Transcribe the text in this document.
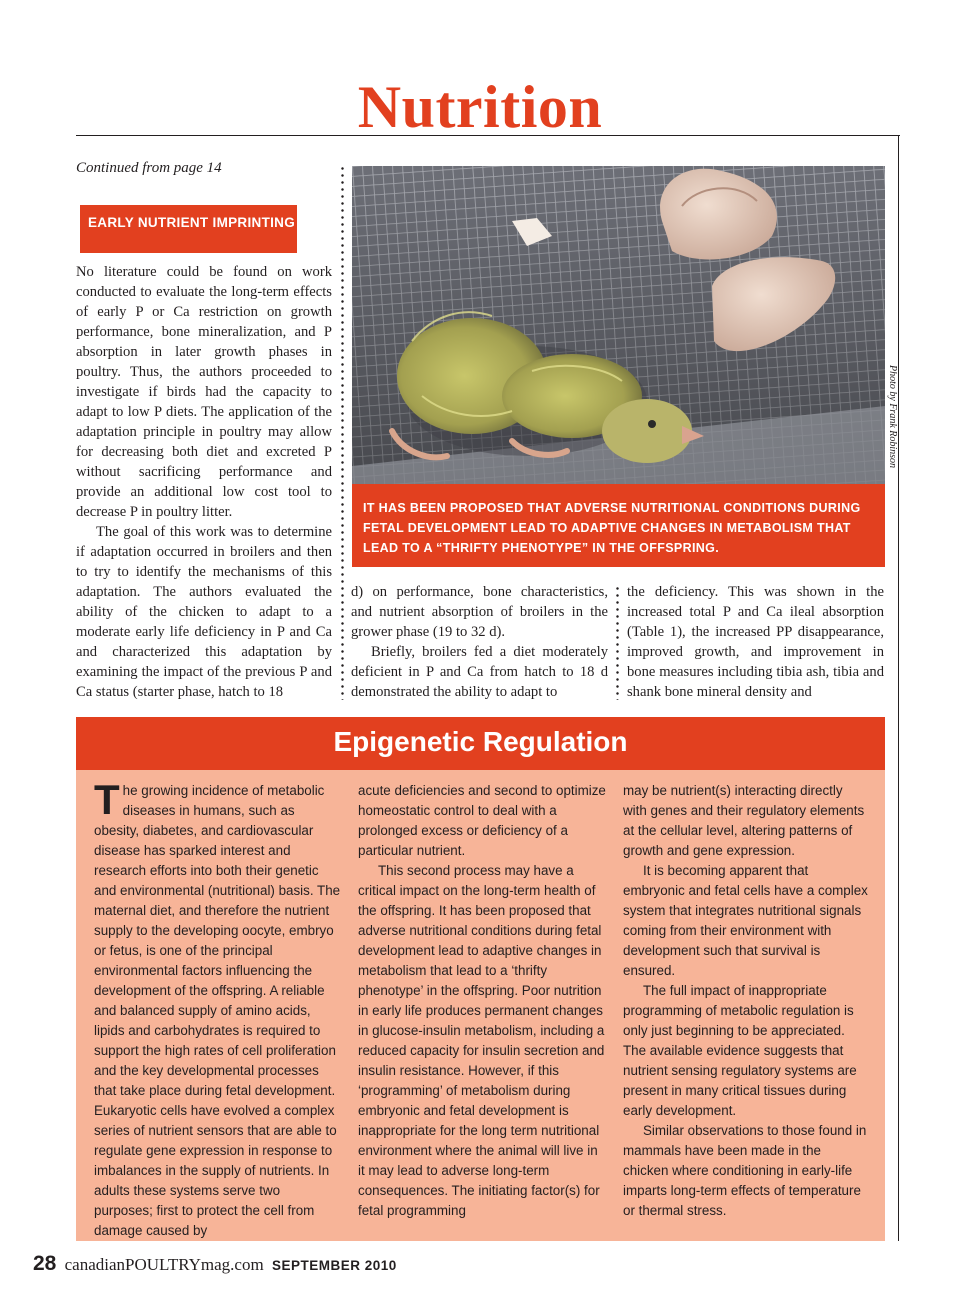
Nutrition
Continued from page 14
EARLY NUTRIENT IMPRINTING

No literature could be found on work conducted to evaluate the long-term effects of early P or Ca restriction on growth performance, bone mineralization, and P absorption in later growth phases in poultry. Thus, the authors proceeded to investigate if birds had the capacity to adapt to low P diets. The application of the adaptation principle in poultry may allow for decreasing both diet and excreted P without sacrificing performance and provide an additional low cost tool to decrease P in poultry litter.

The goal of this work was to determine if adaptation occurred in broilers and then to try to identify the mechanisms of this adaptation. The authors evaluated the ability of the chicken to adapt to a moderate early life deficiency in P and Ca and characterized this adaptation by examining the impact of the previous P and Ca status (starter phase, hatch to 18

Photo by Frank Robinson
IT HAS BEEN PROPOSED THAT ADVERSE NUTRITIONAL CONDITIONS DURING FETAL DEVELOPMENT LEAD TO ADAPTIVE CHANGES IN METABOLISM THAT LEAD TO A “THRIFTY PHENOTYPE” IN THE OFFSPRING.

d) on performance, bone characteristics, and nutrient absorption of broilers in the grower phase (19 to 32 d).

Briefly, broilers fed a diet moderately deficient in P and Ca from hatch to 18 d demonstrated the ability to adapt to

the deficiency. This was shown in the increased total P and Ca ileal absorption (Table 1), the increased PP disappearance, improved growth, and improvement in bone measures including tibia ash, tibia and shank bone mineral density and

Epigenetic Regulation
T he growing incidence of metabolic diseases in humans, such as obesity, diabetes, and cardiovascular disease has sparked interest and research efforts into both their genetic and environmental (nutritional) basis. The maternal diet, and therefore the nutrient supply to the developing oocyte, embryo or fetus, is one of the principal environmental factors influencing the development of the offspring. A reliable and balanced supply of amino acids, lipids and carbohydrates is required to support the high rates of cell proliferation and the key developmental processes that take place during fetal development. Eukaryotic cells have evolved a complex series of nutrient sensors that are able to regulate gene expression in response to imbalances in the supply of nutrients. In adults these systems serve two purposes; first to protect the cell from damage caused by

acute deficiencies and second to optimize homeostatic control to deal with a prolonged excess or deficiency of a particular nutrient.

This second process may have a critical impact on the long-term health of the offspring. It has been proposed that adverse nutritional conditions during fetal development lead to adaptive changes in metabolism that lead to a ‘thrifty phenotype’ in the offspring. Poor nutrition in early life produces permanent changes in glucose-insulin metabolism, including a reduced capacity for insulin secretion and insulin resistance. However, if this ‘programming’ of metabolism during embryonic and fetal development is inappropriate for the long term nutritional environment where the animal will live in it may lead to adverse long-term consequences. The initiating factor(s) for fetal programming

may be nutrient(s) interacting directly with genes and their regulatory elements at the cellular level, altering patterns of growth and gene expression.

It is becoming apparent that embryonic and fetal cells have a complex system that integrates nutritional signals coming from their environment with development such that survival is ensured.

The full impact of inappropriate programming of metabolic regulation is only just beginning to be appreciated. The available evidence suggests that nutrient sensing regulatory systems are present in many critical tissues during early development.

Similar observations to those found in mammals have been made in the chicken where conditioning in early-life imparts long-term effects of temperature or thermal stress.

28 canadianPOULTRYmag.com SEPTEMBER 2010
